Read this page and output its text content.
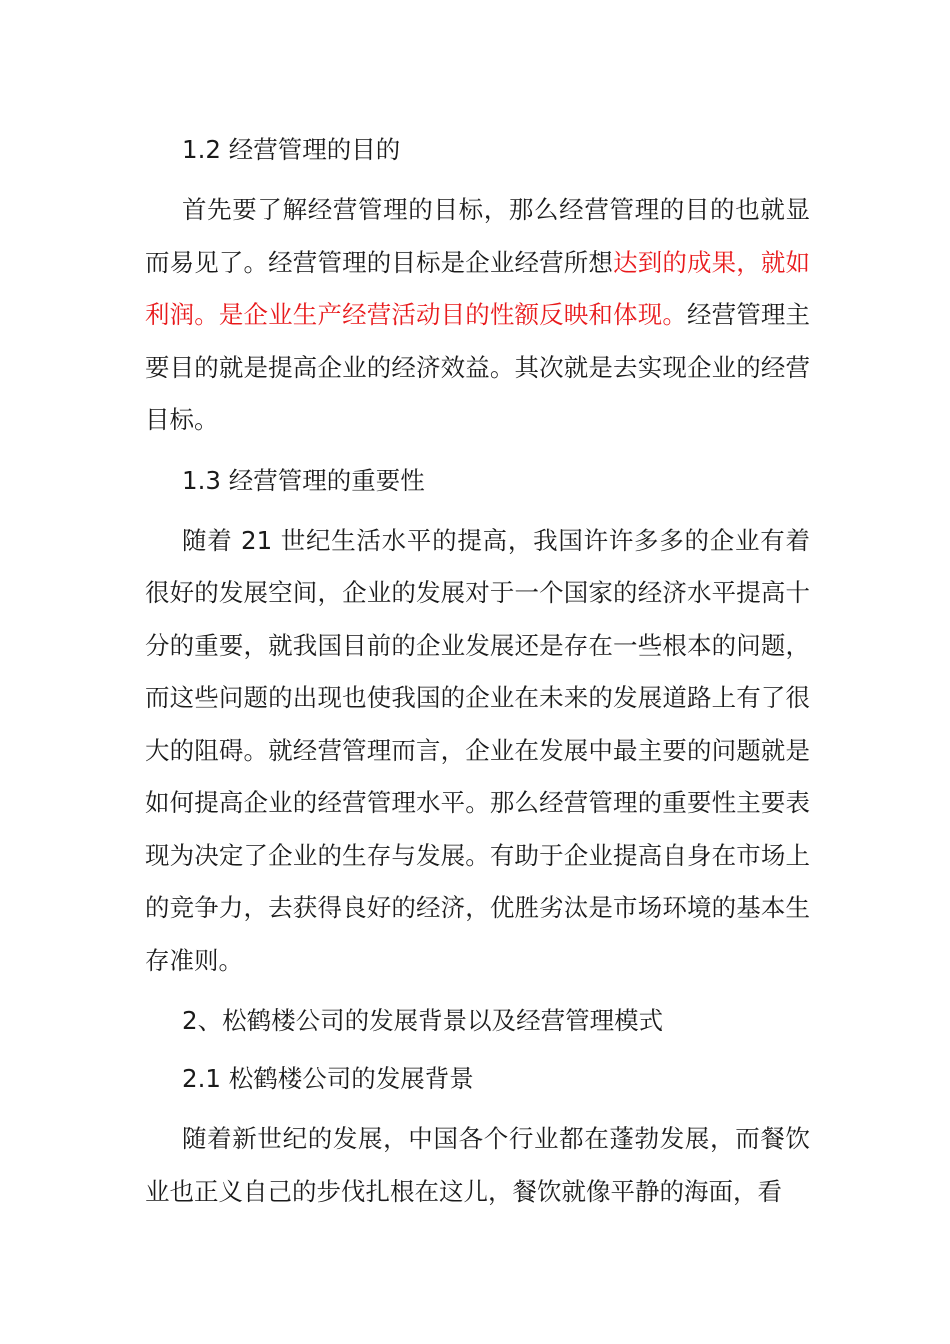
1.2 经营管理的目的

首先要了解经营管理的目标，那么经营管理的目的也就显而易见了。经营管理的目标是企业经营所想达到的成果，就如利润。是企业生产经营活动目的性额反映和体现。经营管理主要目的就是提高企业的经济效益。其次就是去实现企业的经营目标。

1.3 经营管理的重要性

随着 21 世纪生活水平的提高，我国许许多多的企业有着很好的发展空间，企业的发展对于一个国家的经济水平提高十分的重要，就我国目前的企业发展还是存在一些根本的问题，而这些问题的出现也使我国的企业在未来的发展道路上有了很大的阻碍。就经营管理而言，企业在发展中最主要的问题就是如何提高企业的经营管理水平。那么经营管理的重要性主要表现为决定了企业的生存与发展。有助于企业提高自身在市场上的竞争力，去获得良好的经济，优胜劣汰是市场环境的基本生存准则。

2、松鹤楼公司的发展背景以及经营管理模式

2.1 松鹤楼公司的发展背景

随着新世纪的发展，中国各个行业都在蓬勃发展，而餐饮业也正义自己的步伐扎根在这儿，餐饮就像平静的海面，看
